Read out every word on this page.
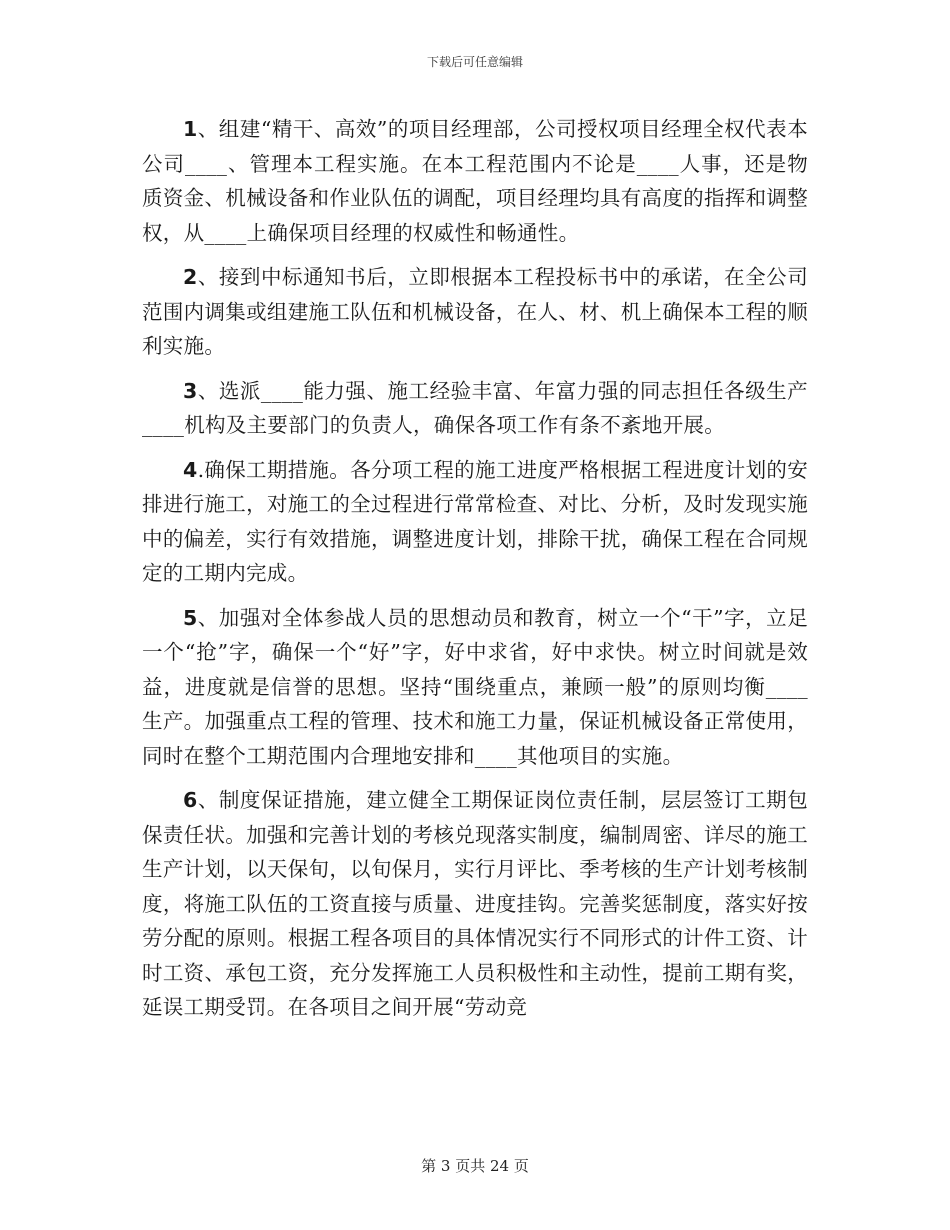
下载后可任意编辑

1、组建“精干、高效”的项目经理部，公司授权项目经理全权代表本公司____、管理本工程实施。在本工程范围内不论是____人事，还是物质资金、机械设备和作业队伍的调配，项目经理均具有高度的指挥和调整权，从____上确保项目经理的权威性和畅通性。

2、接到中标通知书后，立即根据本工程投标书中的承诺，在全公司范围内调集或组建施工队伍和机械设备，在人、材、机上确保本工程的顺利实施。

3、选派____能力强、施工经验丰富、年富力强的同志担任各级生产____机构及主要部门的负责人，确保各项工作有条不紊地开展。

4.确保工期措施。各分项工程的施工进度严格根据工程进度计划的安排进行施工，对施工的全过程进行常常检查、对比、分析，及时发现实施中的偏差，实行有效措施，调整进度计划，排除干扰，确保工程在合同规定的工期内完成。

5、加强对全体参战人员的思想动员和教育，树立一个“干”字，立足一个“抢”字，确保一个“好”字，好中求省，好中求快。树立时间就是效益，进度就是信誉的思想。坚持“围绕重点，兼顾一般”的原则均衡____生产。加强重点工程的管理、技术和施工力量，保证机械设备正常使用，同时在整个工期范围内合理地安排和____其他项目的实施。

6、制度保证措施，建立健全工期保证岗位责任制，层层签订工期包保责任状。加强和完善计划的考核兑现落实制度，编制周密、详尽的施工生产计划，以天保旬，以旬保月，实行月评比、季考核的生产计划考核制度，将施工队伍的工资直接与质量、进度挂钩。完善奖惩制度，落实好按劳分配的原则。根据工程各项目的具体情况实行不同形式的计件工资、计时工资、承包工资，充分发挥施工人员积极性和主动性，提前工期有奖，延误工期受罚。在各项目之间开展“劳动竞

第 3 页共 24 页
